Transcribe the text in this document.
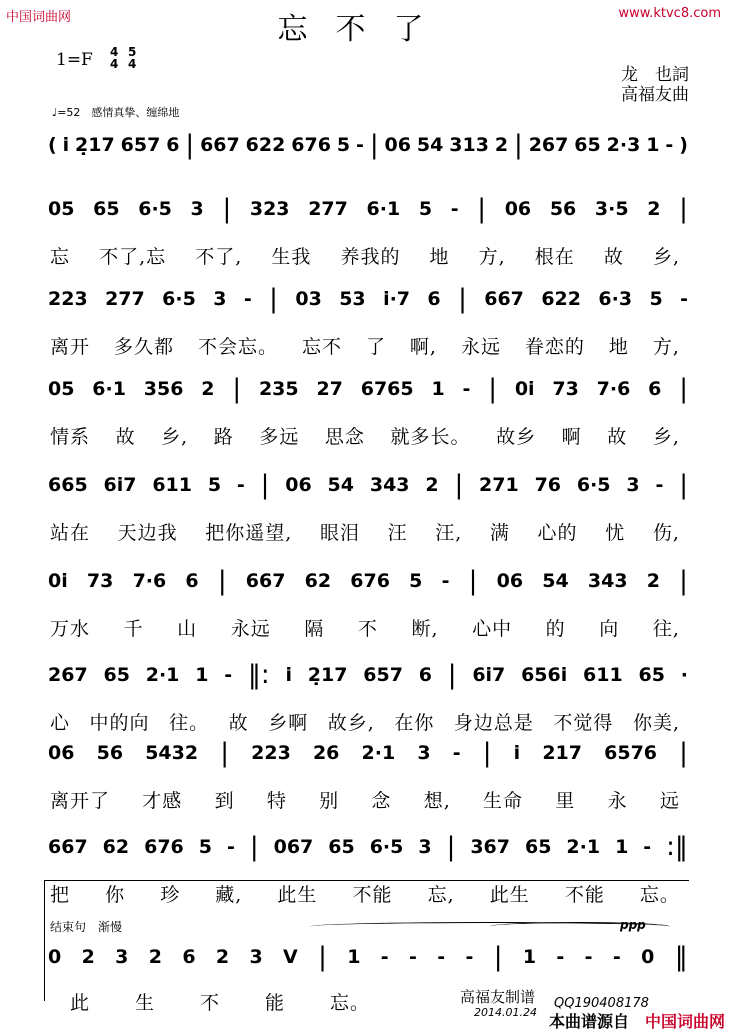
中国词曲网	www.ktvc8.com
忘不了
1=F 4
4
5
4
龙　也詞
高福友曲
♩=52　感情真挚、缠绵地
( i 2̣17 657 6 | 667 622 676 5 - | 06 54 313 2 | 267 65 2·3 1 - )
05 65 6·5 3 | 323 277 6·1 5 - | 06 56 3·5 2 |
忘 不了,忘 不了, 生我 养我的 地 方, 根在 故 乡,
223 277 6·5 3 - | 03 53 i·7 6 | 667 622 6·3 5 -
离开 多久都 不会忘。 忘不 了 啊, 永远 眷恋的 地 方,
05 6·1 356 2 | 235 27 6765 1 - | 0i 73 7·6 6 |
情系 故 乡, 路 多远 思念 就多长。 故乡 啊 故 乡,
665 6i7 611 5 - | 06 54 343 2 | 271 76 6·5 3 - |
站在 天边我 把你遥望, 眼泪 汪 汪, 满 心的 忧 伤,
0i 73 7·6 6 | 667 62 676 5 - | 06 54 343 2 |
万水 千 山 永远 隔 不 断, 心中 的 向 往,
267 65 2·1 1 - ‖: i 2̣17 657 6 | 6i7 656i 611 65 ·
心 中的向 往。 故 乡啊 故乡, 在你 身边总是 不觉得 你美,
06 56 5432 | 223 26 2·1 3 - | i 217 6576 |
离开了 才感 到 特 别 念 想, 生命 里 永 远
667 62 676 5 - | 067 65 6·5 3 | 367 65 2·1 1 - :‖
把 你 珍 藏, 此生 不能 忘, 此生 不能 忘。
结束句　渐慢	ppp
0 2 3 2 6 2 3 V | 1 - - - - | 1 - - - 0 ‖
此 生 不 能 忘。	高福友制谱
2014.01.24
QQ190408178
本曲谱源自　 中国词曲网
